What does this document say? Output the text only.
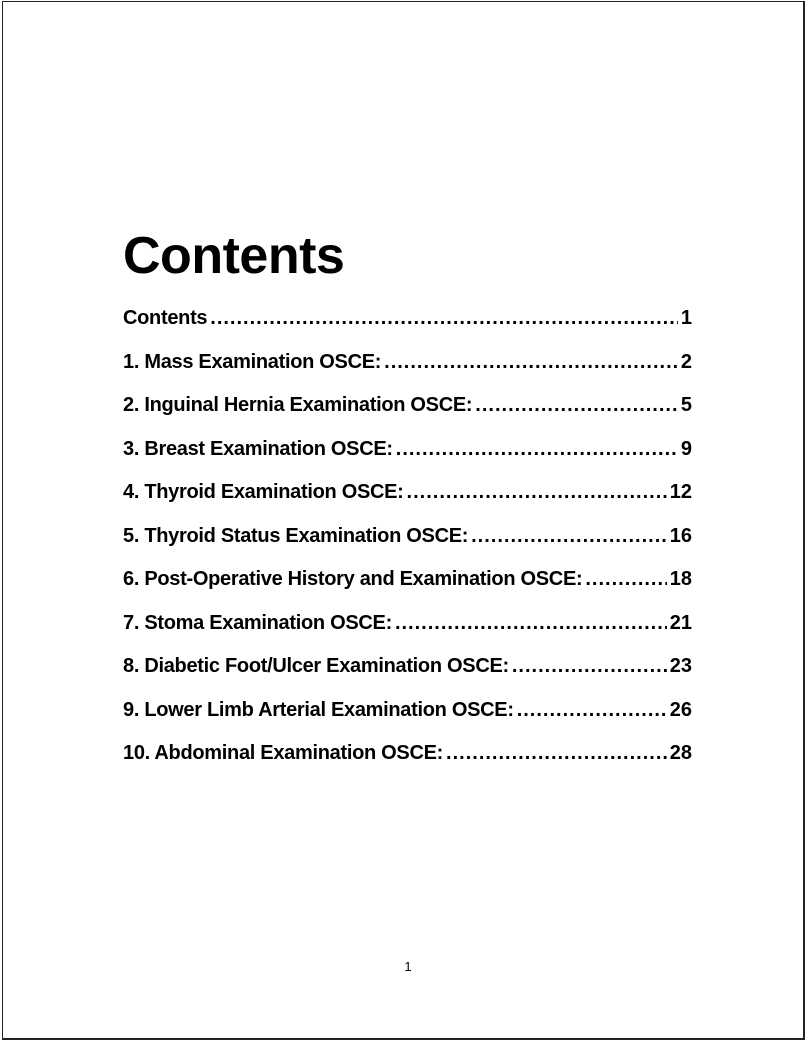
Contents
Contents .....	1
1. Mass Examination OSCE: .....	2
2. Inguinal Hernia Examination OSCE: .....	5
3. Breast Examination OSCE: .....	9
4. Thyroid Examination OSCE: .....	12
5. Thyroid Status Examination OSCE: .....	16
6. Post-Operative History and Examination OSCE: .....	18
7. Stoma Examination OSCE: .....	21
8. Diabetic Foot/Ulcer Examination OSCE: .....	23
9. Lower Limb Arterial Examination OSCE: .....	26
10. Abdominal Examination OSCE: .....	28
1
